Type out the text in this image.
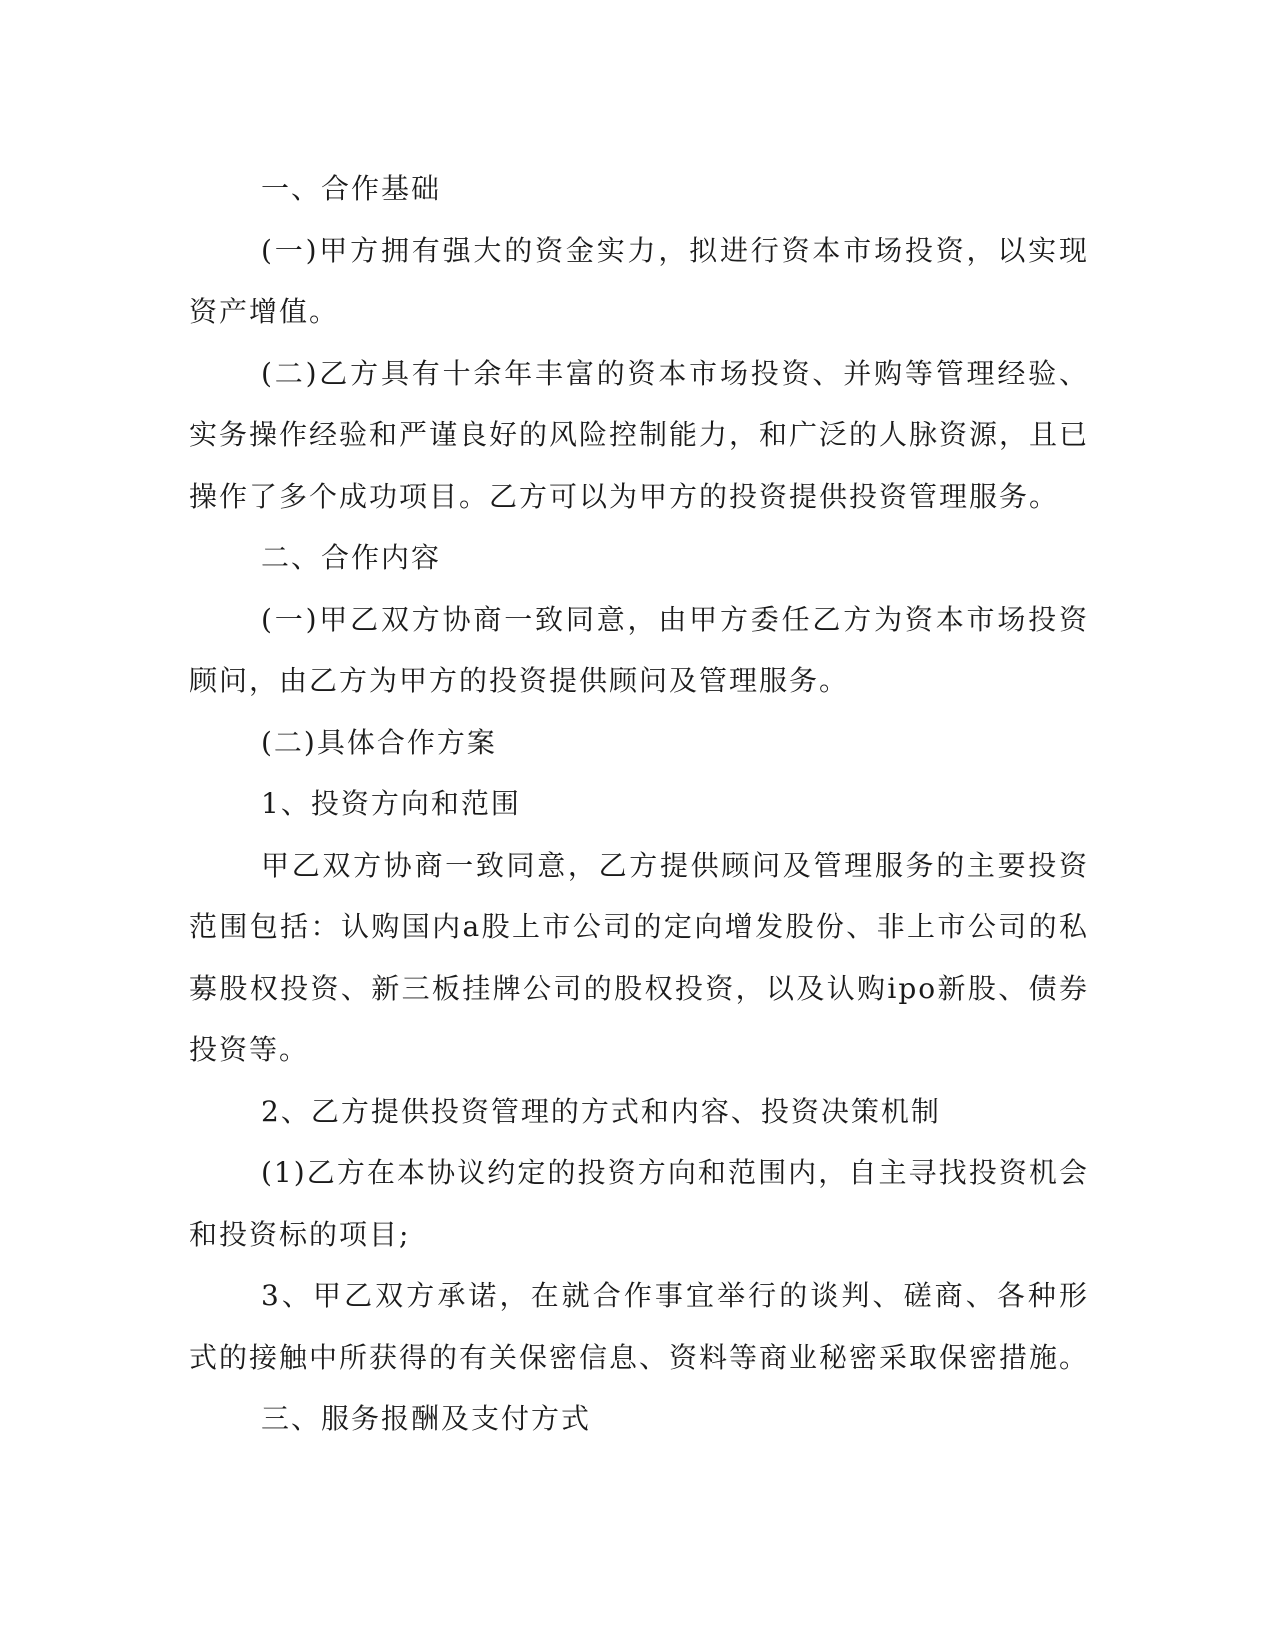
一、合作基础

(一)甲方拥有强大的资金实力，拟进行资本市场投资，以实现资产增值。

(二)乙方具有十余年丰富的资本市场投资、并购等管理经验、实务操作经验和严谨良好的风险控制能力，和广泛的人脉资源，且已操作了多个成功项目。乙方可以为甲方的投资提供投资管理服务。

二、合作内容

(一)甲乙双方协商一致同意，由甲方委任乙方为资本市场投资顾问，由乙方为甲方的投资提供顾问及管理服务。

(二)具体合作方案

1、投资方向和范围

甲乙双方协商一致同意，乙方提供顾问及管理服务的主要投资范围包括：认购国内a股上市公司的定向增发股份、非上市公司的私募股权投资、新三板挂牌公司的股权投资，以及认购ipo新股、债券投资等。

2、乙方提供投资管理的方式和内容、投资决策机制

(1)乙方在本协议约定的投资方向和范围内，自主寻找投资机会和投资标的项目;

3、甲乙双方承诺，在就合作事宜举行的谈判、磋商、各种形式的接触中所获得的有关保密信息、资料等商业秘密采取保密措施。

三、服务报酬及支付方式
